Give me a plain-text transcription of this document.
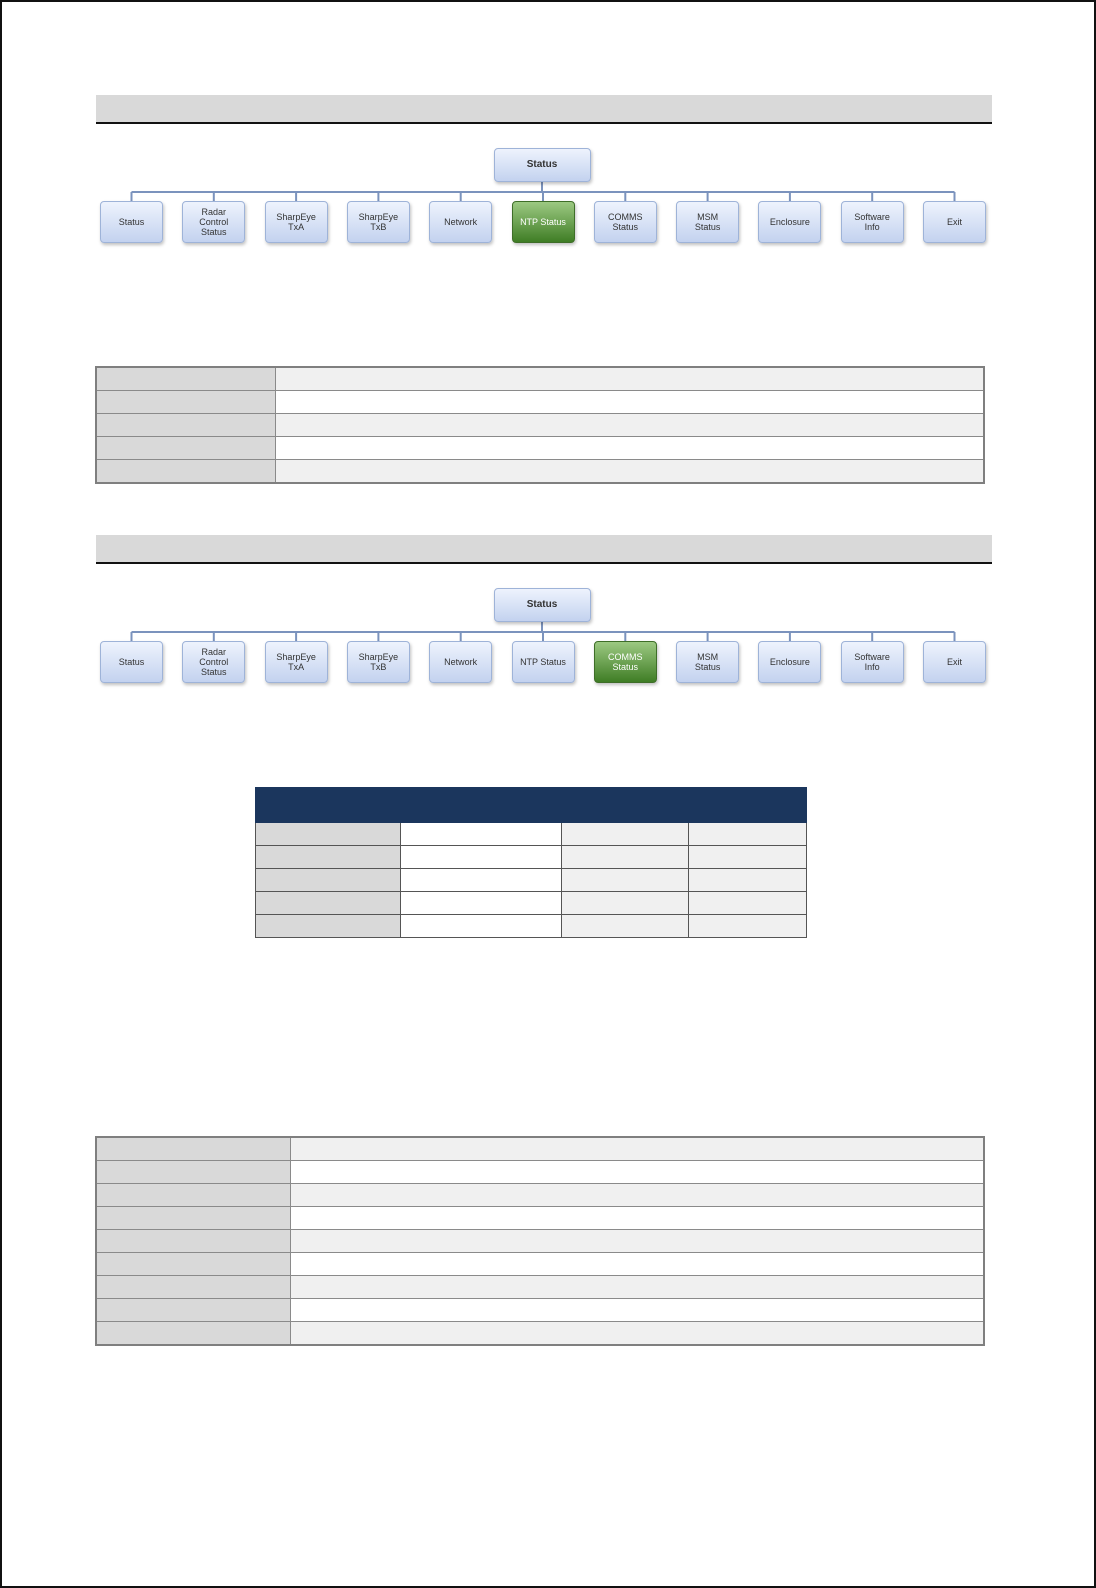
Status
Status
Radar
Control
Status
SharpEye
TxA
SharpEye
TxB	Network	NTP Status	COMMS
Status
MSM
Status	Enclosure	Software
Info	Exit

Status
Status
Radar
Control
Status
SharpEye
TxA
SharpEye
TxB	Network	NTP Status	COMMS
Status
MSM
Status	Enclosure	Software
Info	Exit
